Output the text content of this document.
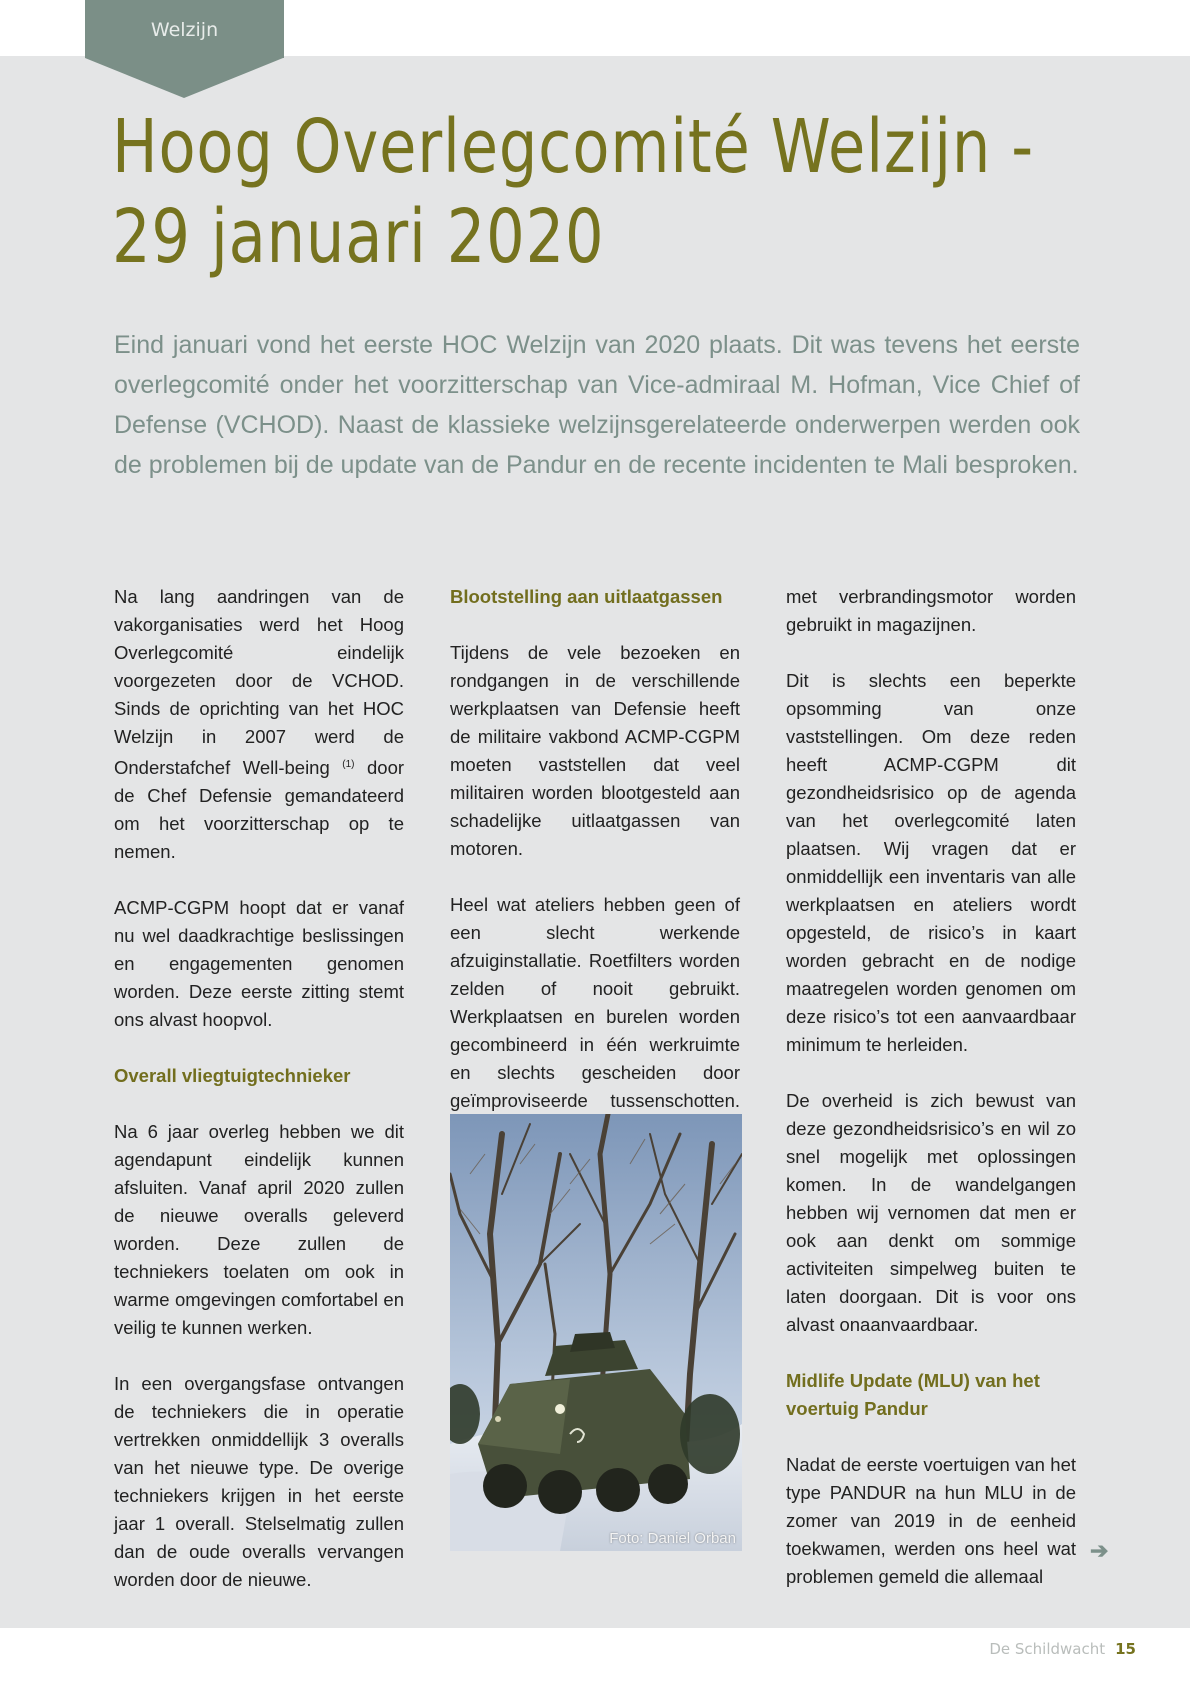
Welzijn
Hoog Overlegcomité Welzijn -
29 januari 2020

Eind januari vond het eerste HOC Welzijn van 2020 plaats. Dit was tevens het eerste overlegcomité onder het voorzitterschap van Vice-admiraal M. Hofman, Vice Chief of Defense (VCHOD). Naast de klassieke welzijnsgerelateerde onderwerpen werden ook de problemen bij de update van de Pandur en de recente incidenten te Mali besproken.

Na lang aandringen van de vakorganisaties werd het Hoog Overlegcomité eindelijk voorgezeten door de VCHOD. Sinds de oprichting van het HOC Welzijn in 2007 werd de Onderstafchef Well-being $^{(1)}$ door de Chef Defensie gemandateerd om het voorzitterschap op te nemen.

ACMP-CGPM hoopt dat er vanaf nu wel daadkrachtige beslissingen en engagementen genomen worden. Deze eerste zitting stemt ons alvast hoopvol.

Overall vliegtuigtechnieker

Na 6 jaar overleg hebben we dit agendapunt eindelijk kunnen afsluiten. Vanaf april 2020 zullen de nieuwe overalls geleverd worden. Deze zullen de techniekers toelaten om ook in warme omgevingen comfortabel en veilig te kunnen werken.

In een overgangsfase ontvangen de techniekers die in operatie vertrekken onmiddellijk 3 overalls van het nieuwe type. De overige techniekers krijgen in het eerste jaar 1 overall. Stelselmatig zullen dan de oude overalls vervangen worden door de nieuwe.

Blootstelling aan uitlaatgassen

Tijdens de vele bezoeken en rondgangen in de verschillende werkplaatsen van Defensie heeft de militaire vakbond ACMP-CGPM moeten vaststellen dat veel militairen worden blootgesteld aan schadelijke uitlaatgassen van motoren.

Heel wat ateliers hebben geen of een slecht werkende afzuiginstallatie. Roetfilters worden zelden of nooit gebruikt. Werkplaatsen en burelen worden gecombineerd in één werkruimte en slechts gescheiden door geïmproviseerde tussenschotten.

Foto: Daniel Orban

met verbrandingsmotor worden gebruikt in magazijnen.

Dit is slechts een beperkte opsomming van onze vaststellingen. Om deze reden heeft ACMP-CGPM dit gezondheidsrisico op de agenda van het overlegcomité laten plaatsen. Wij vragen dat er onmiddellijk een inventaris van alle werkplaatsen en ateliers wordt opgesteld, de risico’s in kaart worden gebracht en de nodige maatregelen worden genomen om deze risico’s tot een aanvaardbaar minimum te herleiden.

De overheid is zich bewust van deze gezondheidsrisico’s en wil zo snel mogelijk met oplossingen komen. In de wandelgangen hebben wij vernomen dat men er ook aan denkt om sommige activiteiten simpelweg buiten te laten doorgaan. Dit is voor ons alvast onaanvaardbaar.

Midlife Update (MLU) van het voertuig Pandur

Nadat de eerste voertuigen van het type PANDUR na hun MLU in de zomer van 2019 in de eenheid toekwamen, werden ons heel wat problemen gemeld die allemaal

➔
De Schildwacht 15
